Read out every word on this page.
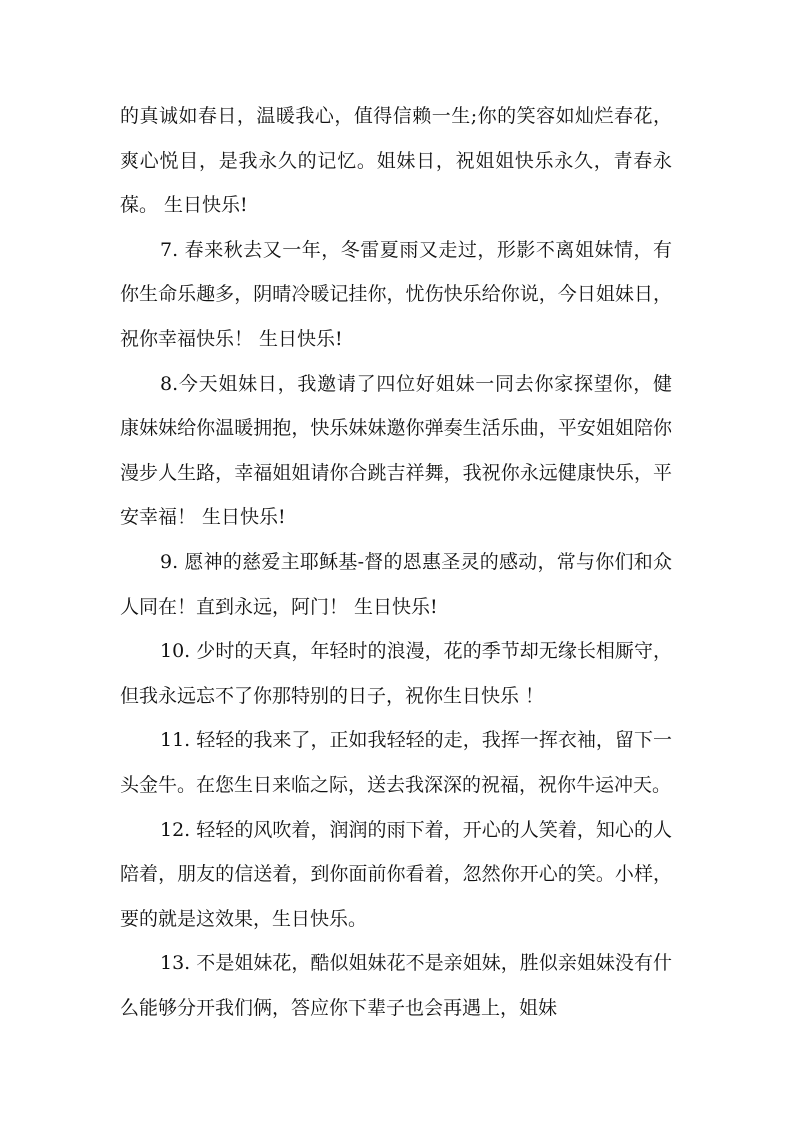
的真诚如春日，温暖我心，值得信赖一生;你的笑容如灿烂春花，爽心悦目，是我永久的记忆。姐妹日，祝姐姐快乐永久，青春永葆。 生日快乐!

7. 春来秋去又一年，冬雷夏雨又走过，形影不离姐妹情，有你生命乐趣多，阴晴冷暖记挂你，忧伤快乐给你说，今日姐妹日，祝你幸福快乐！ 生日快乐!

8.今天姐妹日，我邀请了四位好姐妹一同去你家探望你，健康妹妹给你温暖拥抱，快乐妹妹邀你弹奏生活乐曲，平安姐姐陪你漫步人生路，幸福姐姐请你合跳吉祥舞，我祝你永远健康快乐，平安幸福！ 生日快乐!

9. 愿神的慈爱主耶稣基-督的恩惠圣灵的感动，常与你们和众人同在！直到永远，阿门！ 生日快乐!

10. 少时的天真，年轻时的浪漫，花的季节却无缘长相厮守，但我永远忘不了你那特别的日子，祝你生日快乐 ！

11. 轻轻的我来了，正如我轻轻的走，我挥一挥衣袖，留下一头金牛。在您生日来临之际，送去我深深的祝福，祝你牛运冲天。

12. 轻轻的风吹着，润润的雨下着，开心的人笑着，知心的人陪着，朋友的信送着，到你面前你看着，忽然你开心的笑。小样，要的就是这效果，生日快乐。

13. 不是姐妹花，酷似姐妹花不是亲姐妹，胜似亲姐妹没有什么能够分开我们俩，答应你下辈子也会再遇上，姐妹
